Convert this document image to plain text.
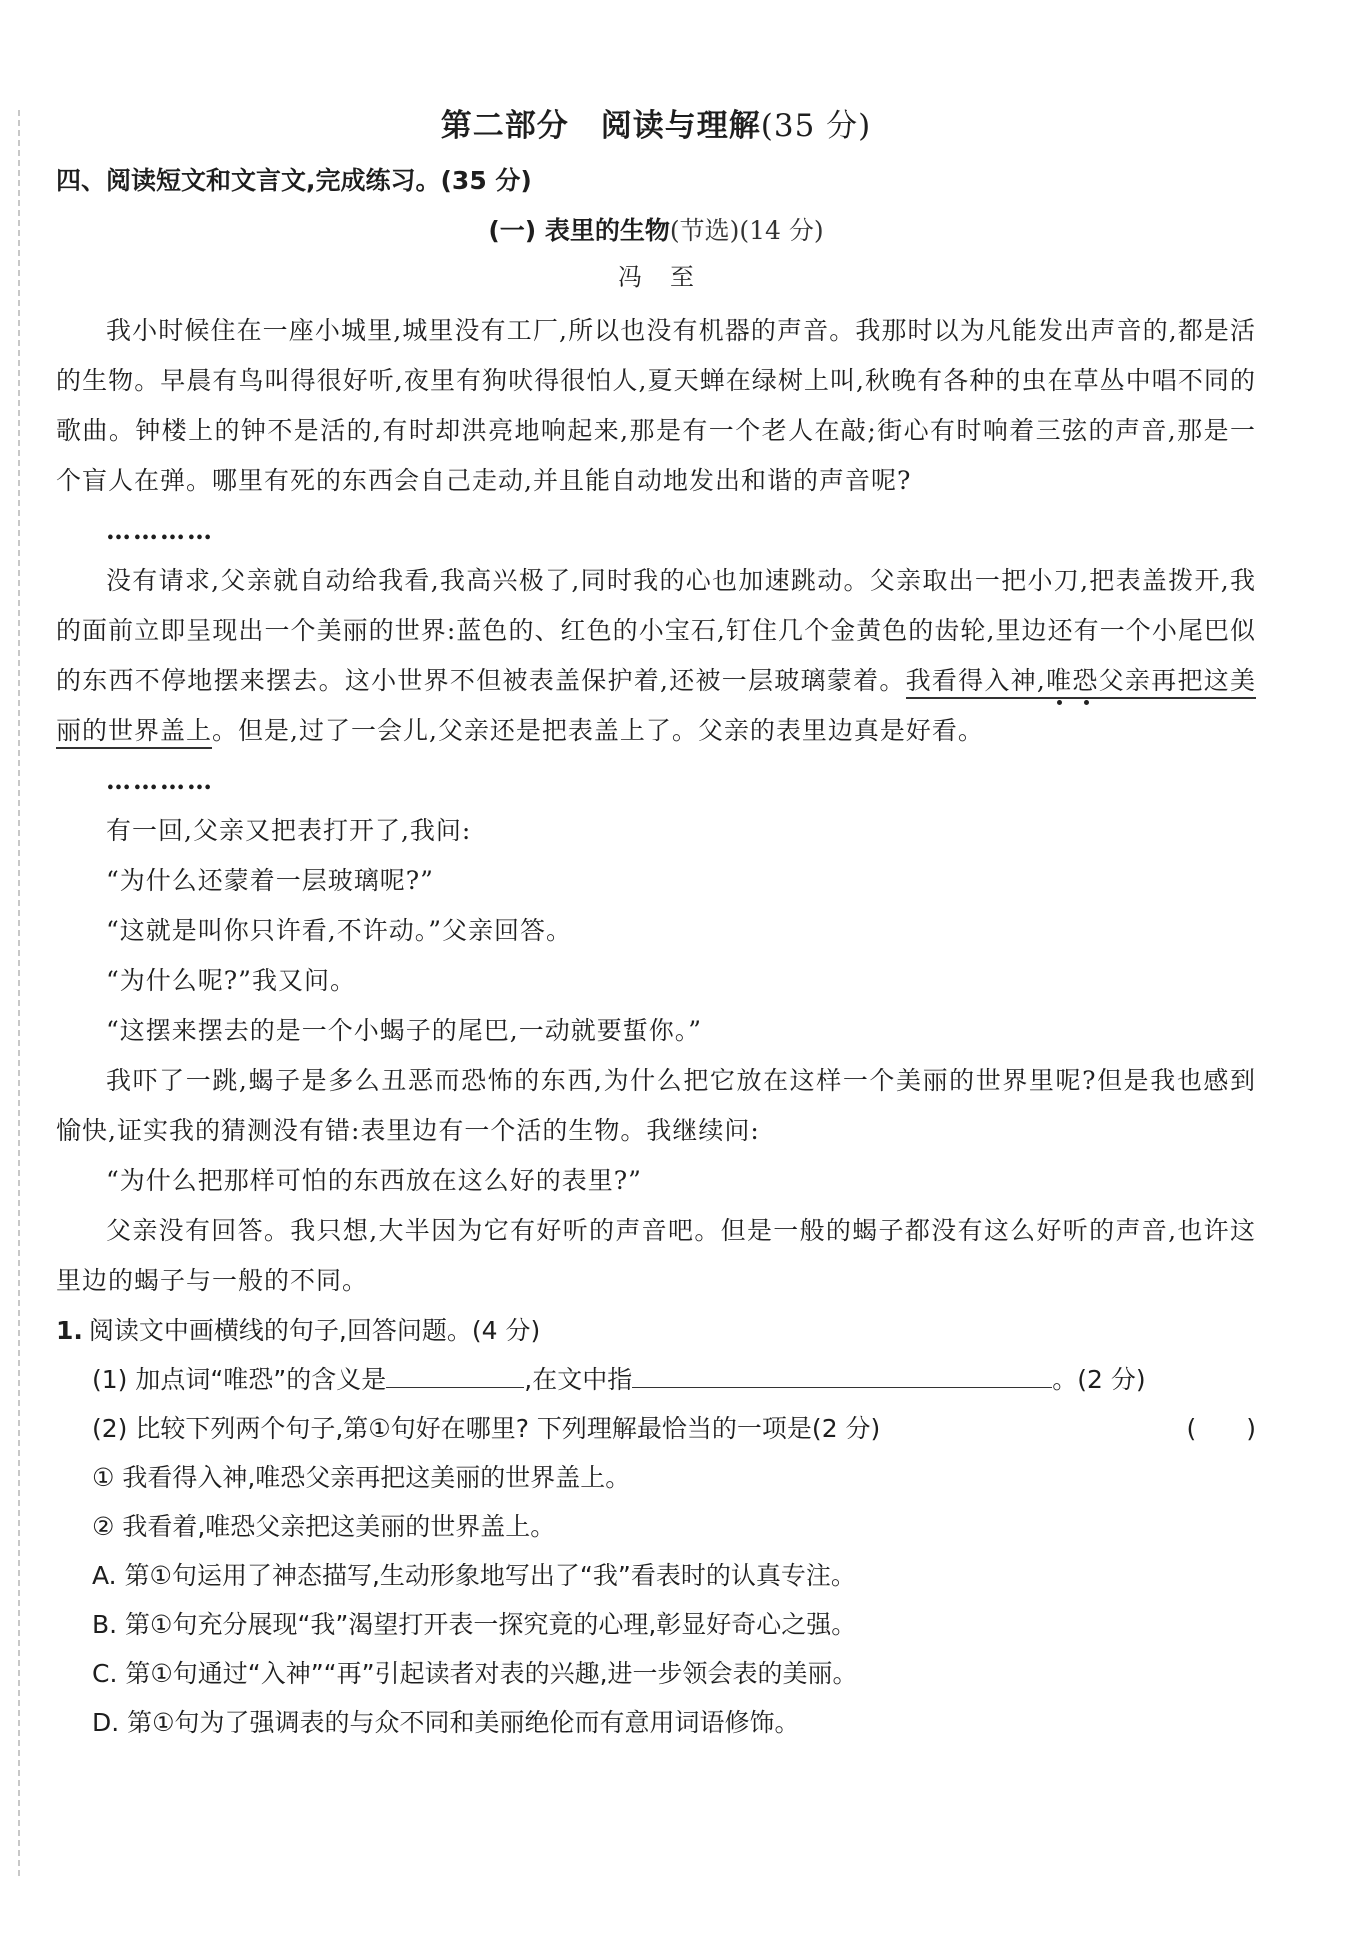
第二部分　阅读与理解(35 分)
四、阅读短文和文言文,完成练习。(35 分)
(一) 表里的生物(节选)(14 分)
冯至

我小时候住在一座小城里,城里没有工厂,所以也没有机器的声音。我那时以为凡能发出声音的,都是活的生物。早晨有鸟叫得很好听,夜里有狗吠得很怕人,夏天蝉在绿树上叫,秋晚有各种的虫在草丛中唱不同的歌曲。钟楼上的钟不是活的,有时却洪亮地响起来,那是有一个老人在敲;街心有时响着三弦的声音,那是一个盲人在弹。哪里有死的东西会自己走动,并且能自动地发出和谐的声音呢?

…………

没有请求,父亲就自动给我看,我高兴极了,同时我的心也加速跳动。父亲取出一把小刀,把表盖拨开,我的面前立即呈现出一个美丽的世界:蓝色的、红色的小宝石,钉住几个金黄色的齿轮,里边还有一个小尾巴似的东西不停地摆来摆去。这小世界不但被表盖保护着,还被一层玻璃蒙着。我看得入神,唯恐父亲再把这美丽的世界盖上。但是,过了一会儿,父亲还是把表盖上了。父亲的表里边真是好看。

…………

有一回,父亲又把表打开了,我问:

“为什么还蒙着一层玻璃呢?”

“这就是叫你只许看,不许动。”父亲回答。

“为什么呢?”我又问。

“这摆来摆去的是一个小蝎子的尾巴,一动就要蜇你。”

我吓了一跳,蝎子是多么丑恶而恐怖的东西,为什么把它放在这样一个美丽的世界里呢?但是我也感到愉快,证实我的猜测没有错:表里边有一个活的生物。我继续问:

“为什么把那样可怕的东西放在这么好的表里?”

父亲没有回答。我只想,大半因为它有好听的声音吧。但是一般的蝎子都没有这么好听的声音,也许这里边的蝎子与一般的不同。

1. 阅读文中画横线的句子,回答问题。(4 分)
(1) 加点词“唯恐”的含义是	,在文中指	。(2 分)
(2) 比较下列两个句子,第①句好在哪里? 下列理解最恰当的一项是(2 分)	(　　)
① 我看得入神,唯恐父亲再把这美丽的世界盖上。
② 我看着,唯恐父亲把这美丽的世界盖上。
A. 第①句运用了神态描写,生动形象地写出了“我”看表时的认真专注。
B. 第①句充分展现“我”渴望打开表一探究竟的心理,彰显好奇心之强。
C. 第①句通过“入神”“再”引起读者对表的兴趣,进一步领会表的美丽。
D. 第①句为了强调表的与众不同和美丽绝伦而有意用词语修饰。
